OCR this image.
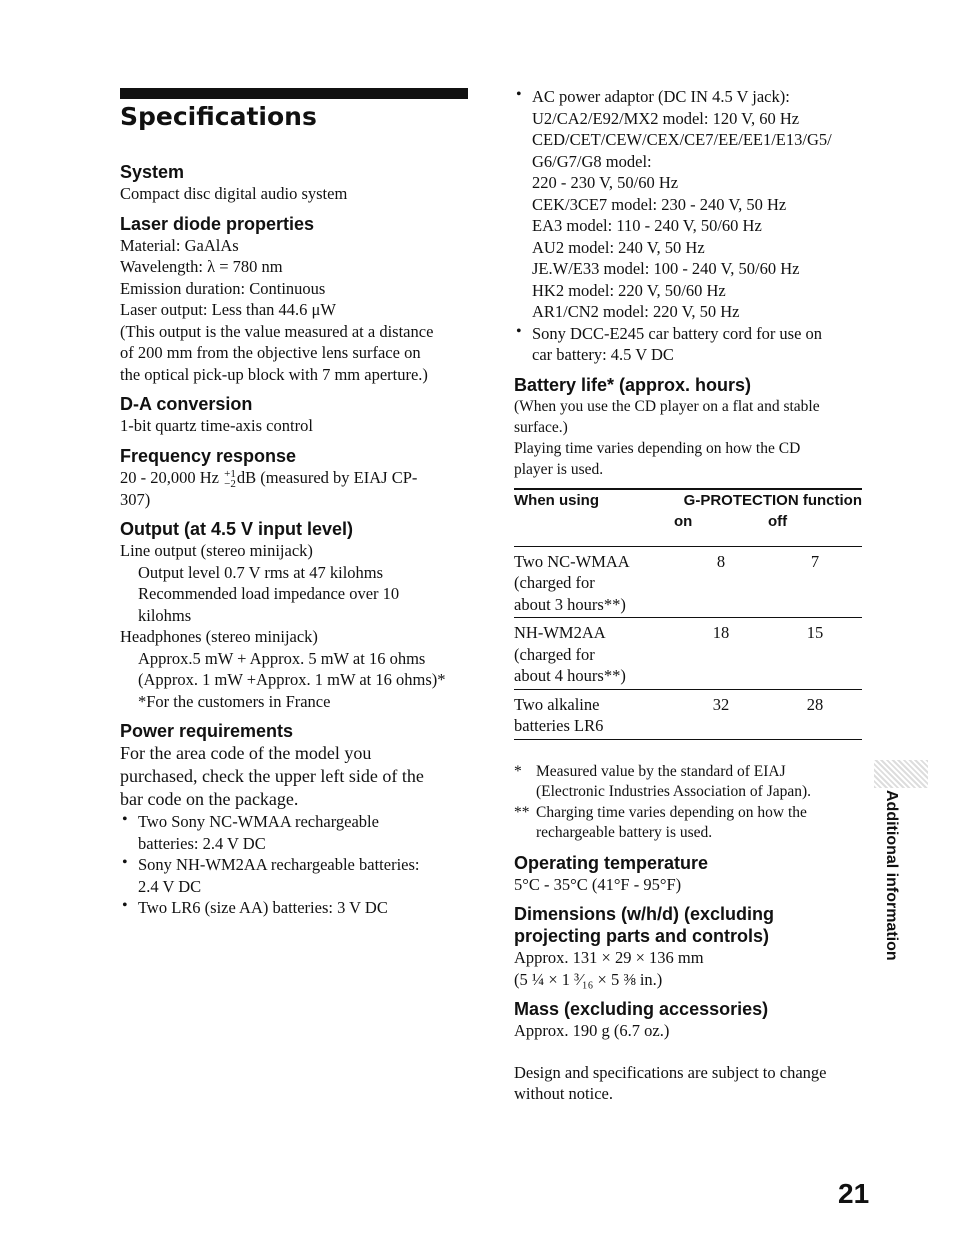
Specifications
System

Compact disc digital audio system

Laser diode properties

Material: GaAlAs

Wavelength: λ = 780 nm

Emission duration: Continuous

Laser output: Less than 44.6 μW

(This output is the value measured at a distance

of 200 mm from the objective lens surface on

the optical pick-up block with 7 mm aperture.)

D-A conversion

1-bit quartz time-axis control

Frequency response

20 - 20,000 Hz +1
−2 dB (measured by EIAJ CP-

307)

Output (at 4.5 V input level)

Line output (stereo minijack)

Output level 0.7 V rms at 47 kilohms

Recommended load impedance over 10

kilohms

Headphones (stereo minijack)

Approx.5 mW + Approx. 5 mW at 16 ohms

(Approx. 1 mW +Approx. 1 mW at 16 ohms)*

*For the customers in France

Power requirements

For the area code of the model you

purchased, check the upper left side of the

bar code on the package.

• Two Sony NC-WMAA rechargeable

batteries: 2.4 V DC

• Sony NH-WM2AA rechargeable batteries:

2.4 V DC

• Two LR6 (size AA) batteries: 3 V DC

• AC power adaptor (DC IN 4.5 V jack):

U2/CA2/E92/MX2 model: 120 V, 60 Hz

CED/CET/CEW/CEX/CE7/EE/EE1/E13/G5/

G6/G7/G8 model:

220 - 230 V, 50/60 Hz

CEK/3CE7 model: 230 - 240 V, 50 Hz

EA3 model: 110 - 240 V, 50/60 Hz

AU2 model: 240 V, 50 Hz

JE.W/E33 model: 100 - 240 V, 50/60 Hz

HK2 model: 220 V, 50/60 Hz

AR1/CN2 model: 220 V, 50 Hz

• Sony DCC-E245 car battery cord for use on

car battery: 4.5 V DC

Battery life* (approx. hours)

(When you use the CD player on a flat and stable

surface.)

Playing time varies depending on how the CD

player is used.

When using	G-PROTECTION function	
	on	off

Two NC-WMAA
(charged for
about 3 hours**)	8	7

NH-WM2AA
(charged for
about 4 hours**)	18	15

Two alkaline
batteries LR6	32	28
* Measured value by the standard of EIAJ
(Electronic Industries Association of Japan).
** Charging time varies depending on how the
rechargeable battery is used.
Operating temperature

5°C - 35°C (41°F - 95°F)

Dimensions (w/h/d) (excluding
projecting parts and controls)

Approx. 131 × 29 × 136 mm

(5 ¼ × 1 ³⁄₁₆ × 5 ⅜ in.)

Mass (excluding accessories)

Approx. 190 g (6.7 oz.)

Design and specifications are subject to change

without notice.

Additional information
21
